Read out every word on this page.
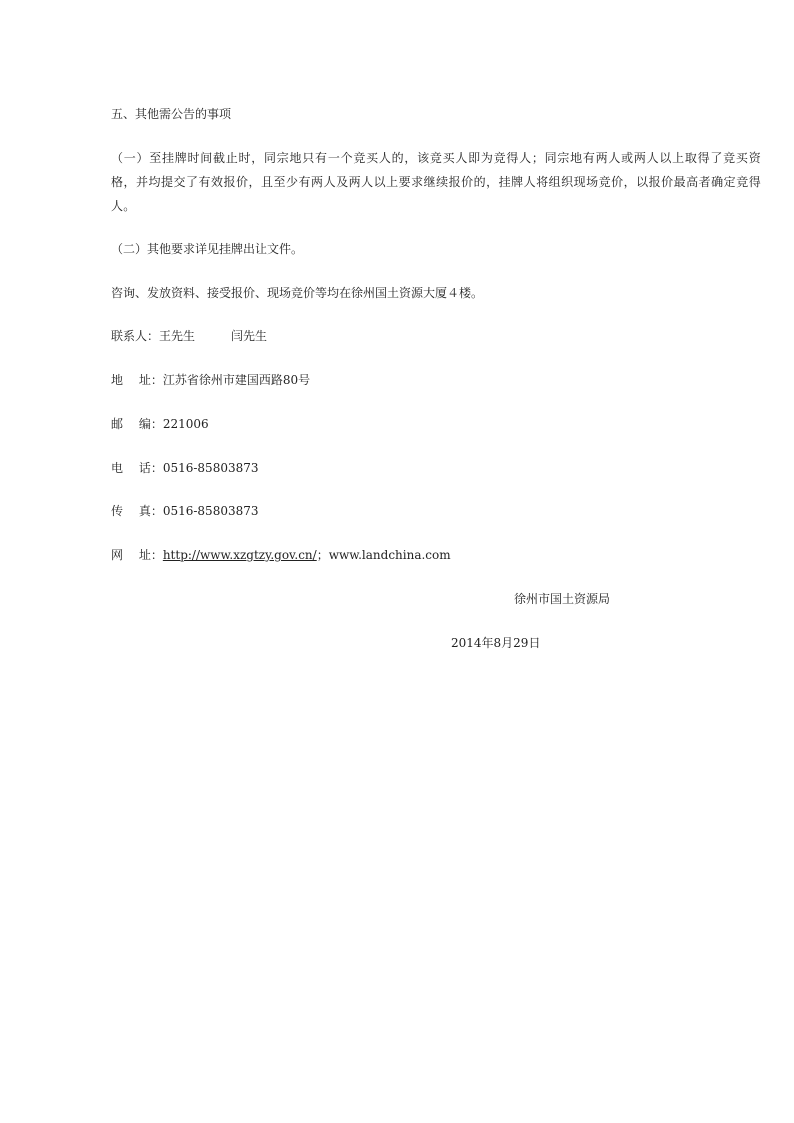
五、其他需公告的事项
（一）至挂牌时间截止时，同宗地只有一个竞买人的，该竞买人即为竞得人；同宗地有两人或两人以上取得了竞买资格，并均提交了有效报价，且至少有两人及两人以上要求继续报价的，挂牌人将组织现场竞价，以报价最高者确定竞得人。
（二）其他要求详见挂牌出让文件。
咨询、发放资料、接受报价、现场竞价等均在徐州国土资源大厦４楼。
联系人：王先生	闫先生
地　 址：江苏省徐州市建国西路80号
邮　 编：221006
电　 话：0516-85803873
传　 真：0516-85803873
网　 址：http://www.xzgtzy.gov.cn/；www.landchina.com
徐州市国土资源局
2014年8月29日
